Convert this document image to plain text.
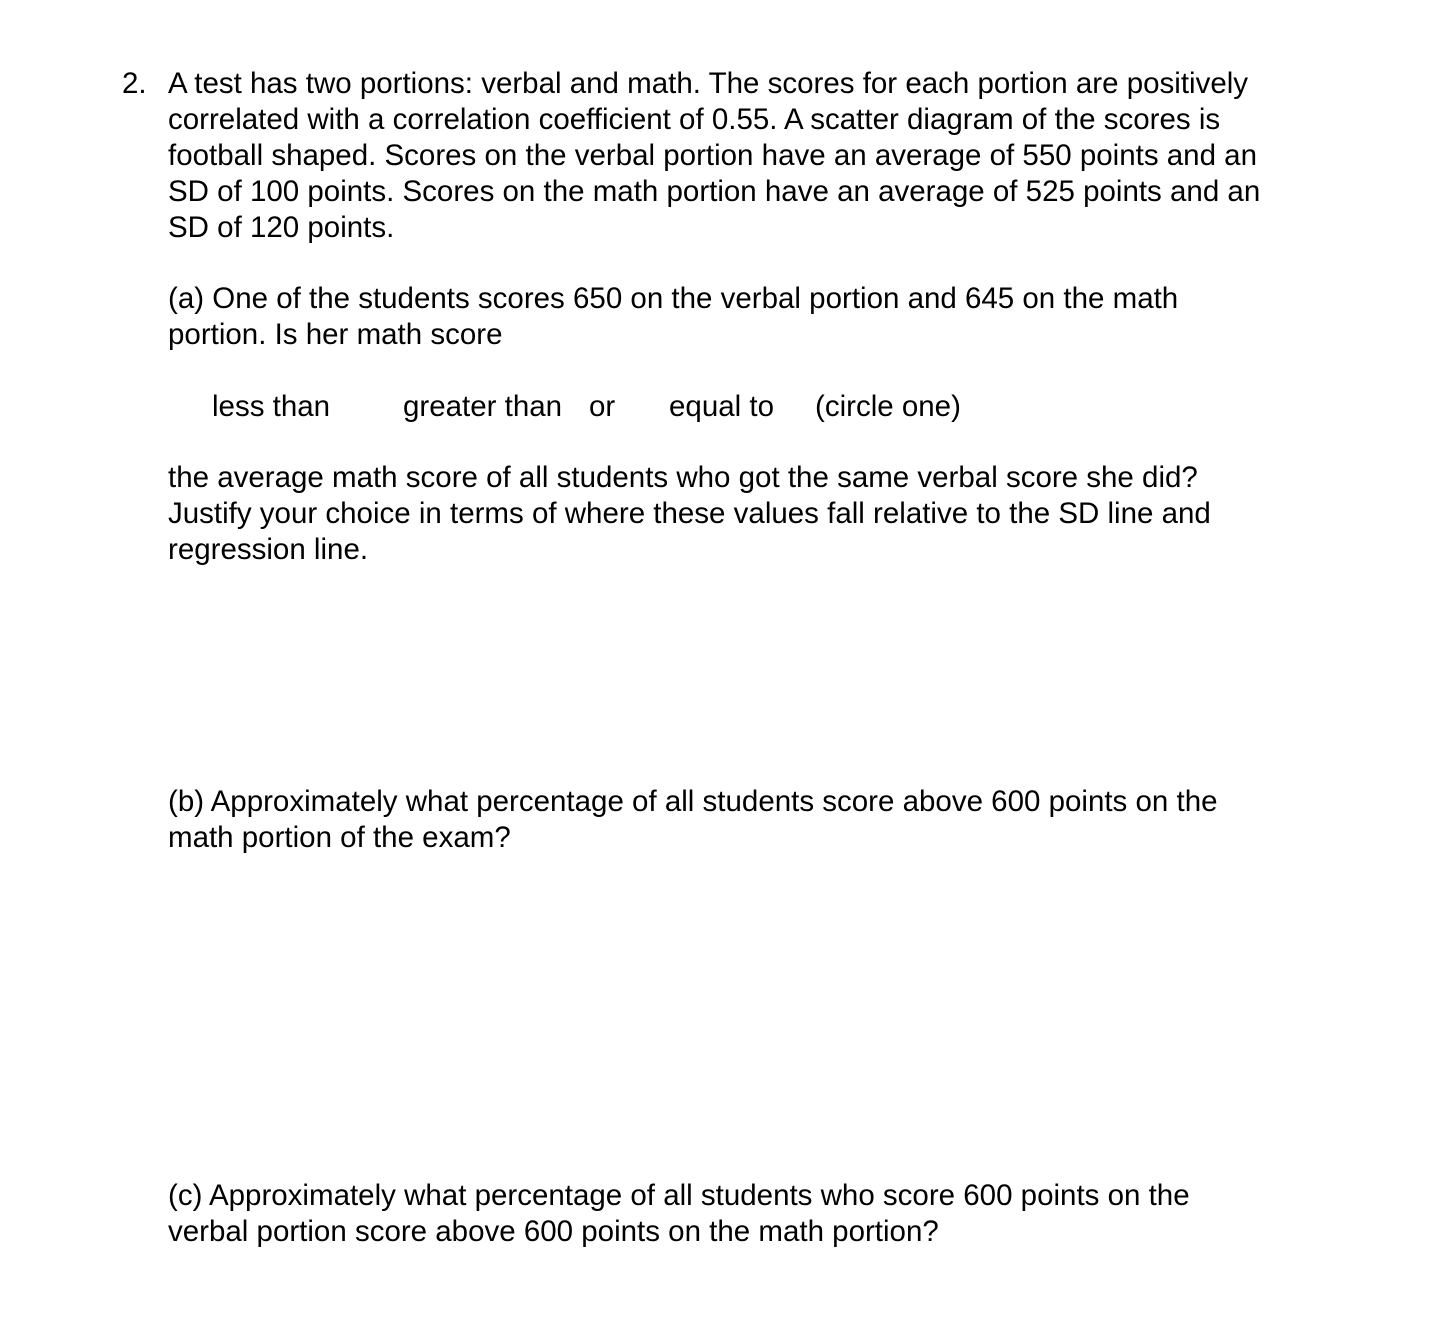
2. A test has two portions: verbal and math. The scores for each portion are positively
correlated with a correlation coefficient of 0.55. A scatter diagram of the scores is
football shaped. Scores on the verbal portion have an average of 550 points and an
SD of 100 points. Scores on the math portion have an average of 525 points and an
SD of 120 points.
(a) One of the students scores 650 on the verbal portion and 645 on the math
portion. Is her math score
less than greater than or equal to (circle one)
the average math score of all students who got the same verbal score she did?
Justify your choice in terms of where these values fall relative to the SD line and
regression line.
(b) Approximately what percentage of all students score above 600 points on the
math portion of the exam?
(c) Approximately what percentage of all students who score 600 points on the
verbal portion score above 600 points on the math portion?
